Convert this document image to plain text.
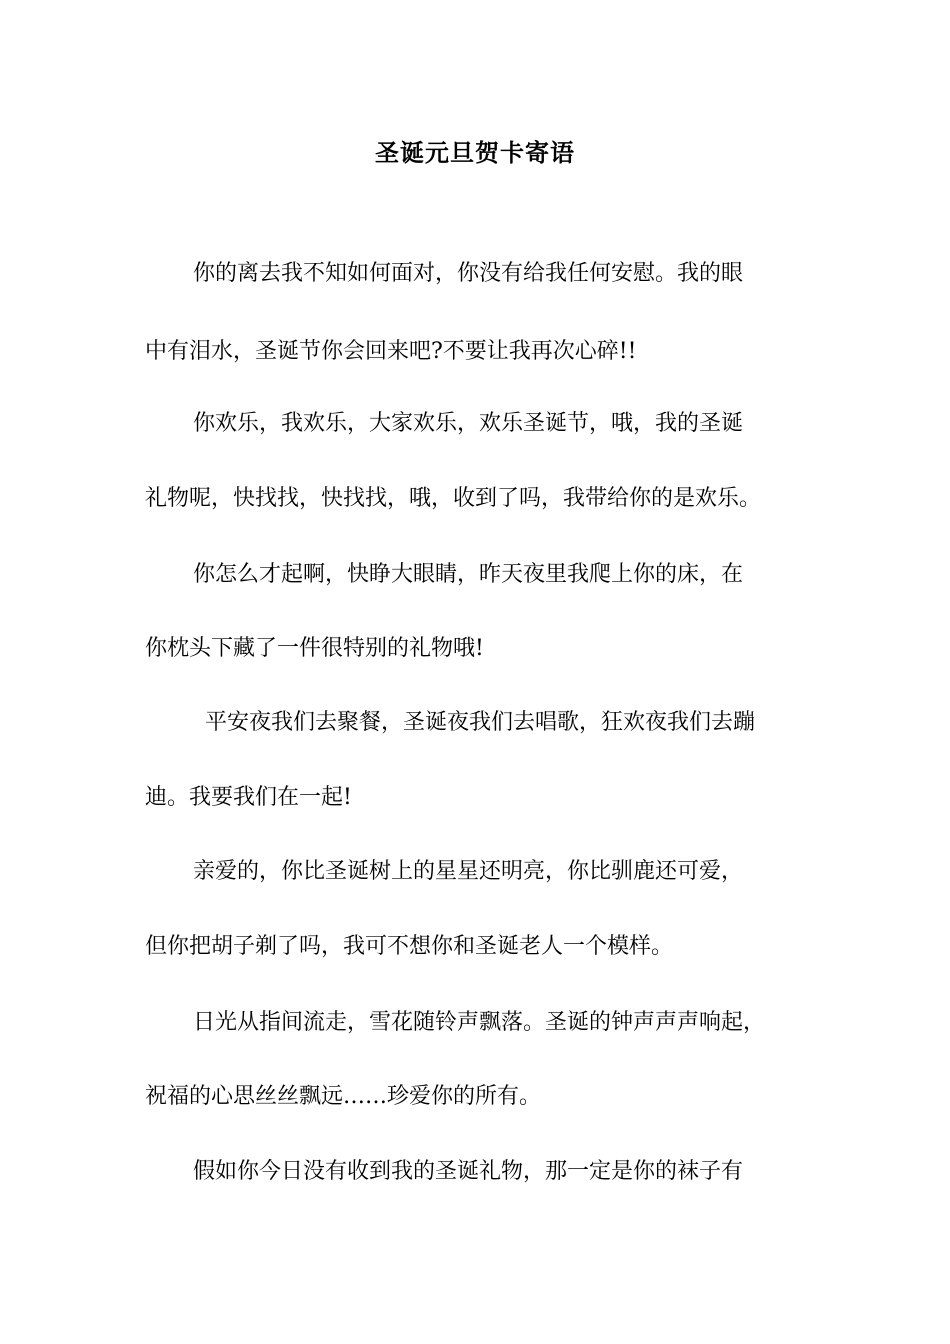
圣诞元旦贺卡寄语
你的离去我不知如何面对，你没有给我任何安慰。我的眼
中有泪水，圣诞节你会回来吧?不要让我再次心碎!!
你欢乐，我欢乐，大家欢乐，欢乐圣诞节，哦，我的圣诞
礼物呢，快找找，快找找，哦，收到了吗，我带给你的是欢乐。
你怎么才起啊，快睁大眼睛，昨天夜里我爬上你的床，在
你枕头下藏了一件很特别的礼物哦!
平安夜我们去聚餐，圣诞夜我们去唱歌，狂欢夜我们去蹦
迪。我要我们在一起!
亲爱的，你比圣诞树上的星星还明亮，你比驯鹿还可爱，
但你把胡子剃了吗，我可不想你和圣诞老人一个模样。
日光从指间流走，雪花随铃声飘落。圣诞的钟声声声响起，
祝福的心思丝丝飘远……珍爱你的所有。
假如你今日没有收到我的圣诞礼物，那一定是你的袜子有
